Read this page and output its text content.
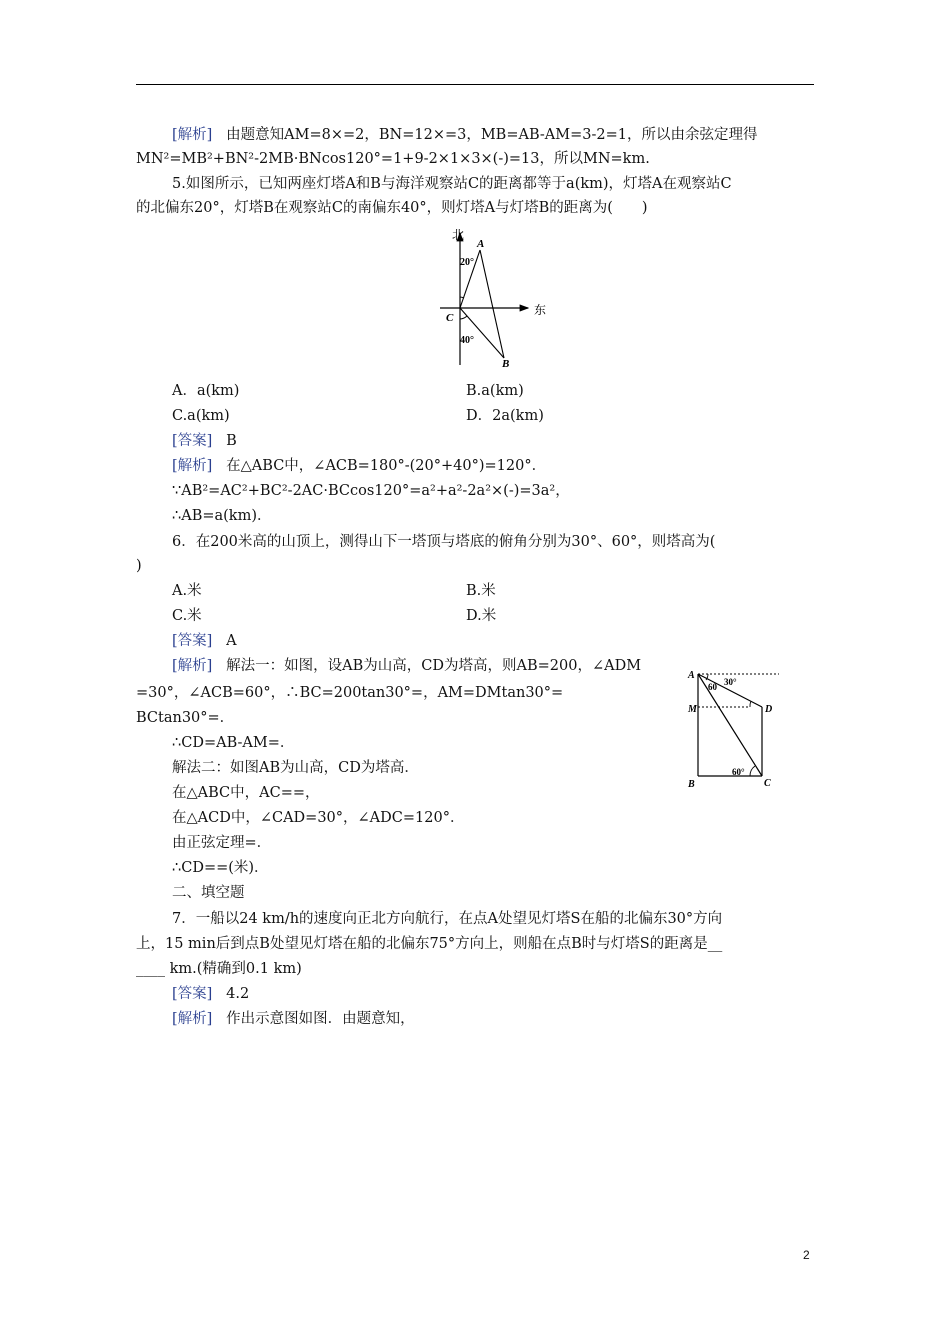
[解析] 由题意知AM=8×=2，BN=12×=3，MB=AB-AM=3-2=1，所以由余弦定理得
MN²=MB²+BN²-2MB·BNcos120°=1+9-2×1×3×(-)=13，所以MN=km.
5.如图所示，已知两座灯塔A和B与海洋观察站C的距离都等于a(km)，灯塔A在观察站C
的北偏东20°，灯塔B在观察站C的南偏东40°，则灯塔A与灯塔B的距离为(　　)
北
东
A
B
C
20°
40°
A．a(km)	B.a(km)
C.a(km)	D．2a(km)
[答案] B
[解析] 在△ABC中，∠ACB=180°-(20°+40°)=120°．
∵AB²=AC²+BC²-2AC·BCcos120°=a²+a²-2a²×(-)=3a²，
∴AB=a(km)．
6．在200米高的山顶上，测得山下一塔顶与塔底的俯角分别为30°、60°，则塔高为(
)
A.米	B.米
C.米	D.米
[答案] A
[解析] 解法一：如图，设AB为山高，CD为塔高，则AB=200，∠ADM
=30°，∠ACB=60°，∴BC=200tan30°=，AM=DMtan30°=
BCtan30°=．
∴CD=AB-AM=．
解法二：如图AB为山高，CD为塔高．
在△ABC中，AC==，
在△ACD中，∠CAD=30°，∠ADC=120°．
由正弦定理=．
∴CD==(米)．
A
M	D
B	C
60 30°
60°
二、填空题
7．一船以24 km/h的速度向正北方向航行，在点A处望见灯塔S在船的北偏东30°方向
上，15 min后到点B处望见灯塔在船的北偏东75°方向上，则船在点B时与灯塔S的距离是__
____ km.(精确到0.1 km)
[答案] 4.2
[解析] 作出示意图如图．由题意知，
2
